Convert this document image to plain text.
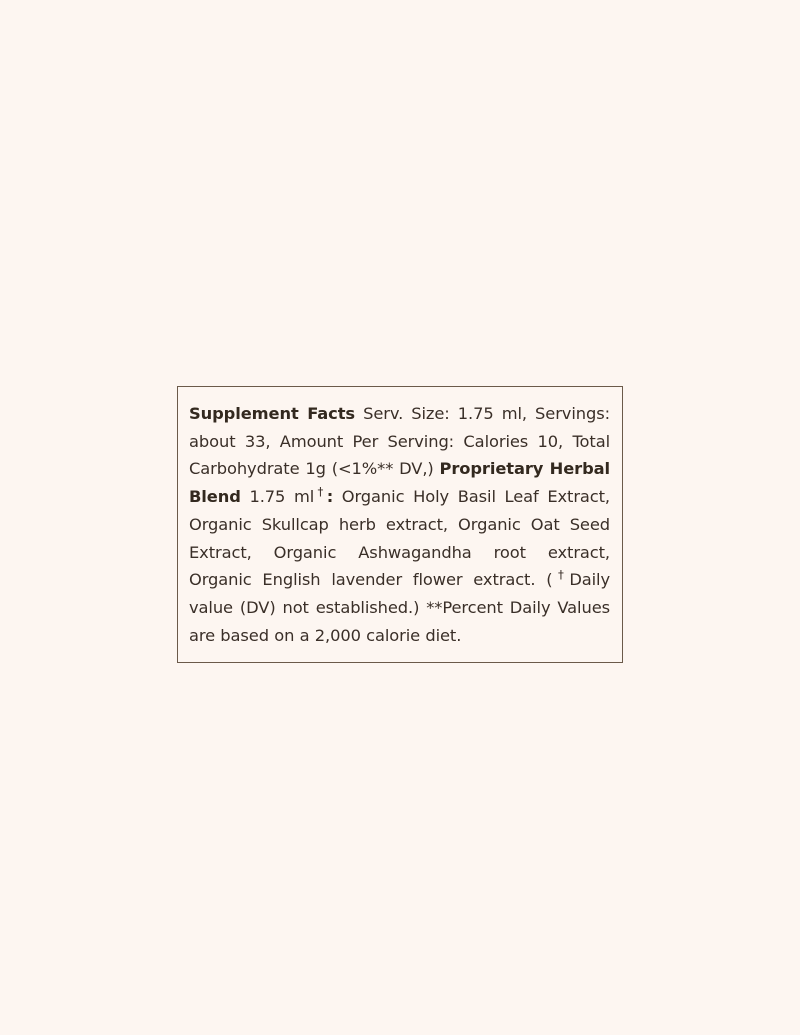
Supplement Facts Serv. Size: 1.75 ml, Servings: about 33, Amount Per Serving: Calories 10, Total Carbohydrate 1g (<1%** DV,) Proprietary Herbal Blend 1.75 ml†: Organic Holy Basil Leaf Extract, Organic Skullcap herb extract, Organic Oat Seed Extract, Organic Ashwagandha root extract, Organic English lavender flower extract. (†Daily value (DV) not established.) **Percent Daily Values are based on a 2,000 calorie diet.
